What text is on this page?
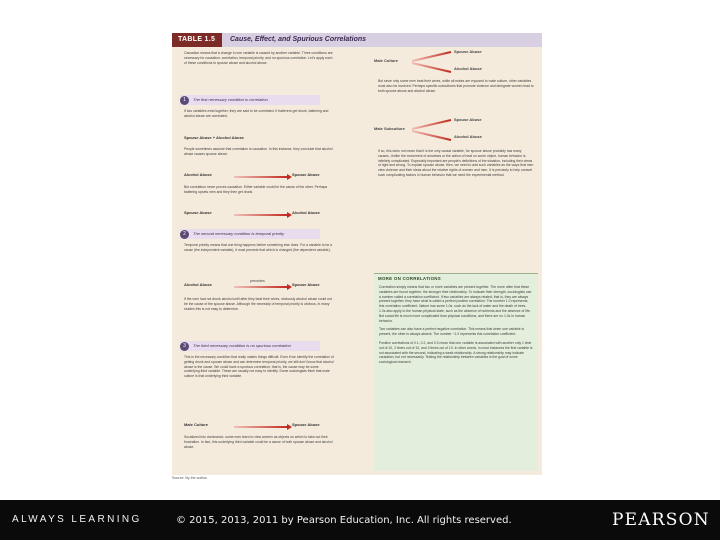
TABLE 1.5	Cause, Effect, and Spurious Correlations
Causation means that a change in one variable is caused by another variable. Three conditions are necessary for causation: correlation, temporal priority, and no spurious correlation. Let's apply each of these conditions to spouse abuse and alcohol abuse.
1	The first necessary condition is correlation
If two variables exist together, they are said to be correlated. If batterers get drunk, battering and alcohol abuse are correlated.
Spouse Abuse + Alcohol Abuse
People sometimes assume that correlation is causation. In this instance, they conclude that alcohol abuse causes spouse abuse.
Alcohol Abuse	Spouse Abuse
But correlation never proves causation. Either variable could be the cause of the other. Perhaps battering upsets men and they then get drunk.
Spouse Abuse	Alcohol Abuse
2	The second necessary condition is temporal priority
Temporal priority means that one thing happens before something else does. For a variable to be a cause (the independent variable), it must precede that which is changed (the dependent variable).
Alcohol Abuse
precedes
Spouse Abuse
If the men had not drunk alcohol until after they beat their wives, obviously alcohol abuse could not be the cause of the spouse abuse. Although the necessity of temporal priority is obvious, in many studies this is not easy to determine.
3	The third necessary condition is no spurious correlation
This is the necessary condition that really makes things difficult. Even if we identify the correlation of getting drunk and spouse abuse and can determine temporal priority, we still don't know that alcohol abuse is the cause. We could have a spurious correlation; that is, the cause may be some underlying third variable. These are usually not easy to identify. Some sociologists think that male culture is that underlying third variable.
Male Culture	Spouse Abuse
Socialized into dominance, some men learn to view women as objects on which to take out their frustration. In fact, this underlying third variable could be a cause of both spouse abuse and alcohol abuse.
Male Culture
Spouse Abuse
Alcohol Abuse
But since only some men beat their wives, while all males are exposed to male culture, other variables must also be involved. Perhaps specific subcultures that promote violence and denigrate women lead to both spouse abuse and alcohol abuse.
Male Subculture
Spouse Abuse
Alcohol Abuse
If so, this does not mean that it is the only causal variable, for spouse abuse probably has many causes. Unlike the movement of amoebas or the action of heat on some object, human behavior is infinitely complicated. Especially important are people's definitions of the situation, including their views of right and wrong. To explain spouse abuse, then, we need to add such variables as the ways that men view violence and their ideas about the relative rights of women and men. It is precisely to help unravel such complicating factors in human behavior that we need the experimental method.
MORE ON CORRELATIONS
Correlation simply means that two or more variables are present together. The more often that these variables are found together, the stronger their relationship. To indicate their strength, sociologists use a number called a correlation coefficient. If two variables are always related, that is, they are always present together, they have what is called a perfect positive correlation. The number 1.0 represents this correlation coefficient. Nature has some 1.0s, such as the lack of water and the death of trees. 1.0s also apply to the human physical state, such as the absence of nutrients and the absence of life. But social life is much more complicated than physical conditions, and there are no 1.0s in human behavior.
Two variables can also have a perfect negative correlation. This means that when one variable is present, the other is always absent. The number −1.0 represents this correlation coefficient.
Positive correlations of 0.1, 0.2, and 0.3 mean that one variable is associated with another only 1 time out of 10, 2 times out of 10, and 3 times out of 10. In other words, in most instances the first variable is not associated with the second, indicating a weak relationship. A strong relationship may indicate causation, but not necessarily. Testing the relationship between variables is the goal of some sociological research.
Source: By the author.
ALWAYS LEARNING	© 2015, 2013, 2011 by Pearson Education, Inc. All rights reserved.	PEARSON
